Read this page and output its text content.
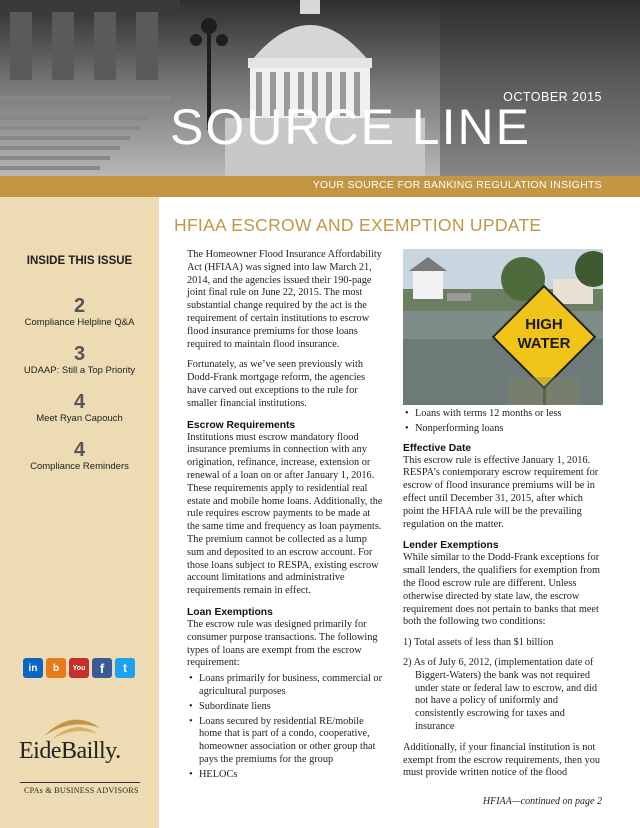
OCTOBER 2015
SOURCE LINE
YOUR SOURCE FOR BANKING REGULATION INSIGHTS
INSIDE THIS ISSUE
2
Compliance Helpline Q&A
3
UDAAP: Still a Top Priority
4
Meet Ryan Capouch
4
Compliance Reminders
in	b	You	f	t
EideBailly.
CPAs & BUSINESS ADVISORS
HFIAA ESCROW AND EXEMPTION UPDATE

The Homeowner Flood Insurance Affordability Act (HFIAA) was signed into law March 21, 2014, and the agencies issued their 190-page joint final rule on June 22, 2015. The most substantial change required by the act is the requirement of certain institutions to escrow flood insurance premiums for those loans required to maintain flood insurance.

Fortunately, as we’ve seen previously with Dodd-Frank mortgage reform, the agencies have carved out exceptions to the rule for smaller financial institutions.

Escrow Requirements

Institutions must escrow mandatory flood insurance premiums in connection with any origination, refinance, increase, extension or renewal of a loan on or after January 1, 2016. These requirements apply to residential real estate and mobile home loans. Additionally, the rule requires escrow payments to be made at the same time and frequency as loan payments. The premium cannot be collected as a lump sum and deposited to an escrow account. For those loans subject to RESPA, existing escrow account limitations and administrative requirements remain in effect.

Loan Exemptions

The escrow rule was designed primarily for consumer purpose transactions. The following types of loans are exempt from the escrow requirement:

• Loans primarily for business, commercial or agricultural purposes
• Subordinate liens
• Loans secured by residential RE/mobile home that is part of a condo, cooperative, homeowner association or other group that pays the premiums for the group
• HELOCs
HIGH
WATER
• Loans with terms 12 months or less
• Nonperforming loans
Effective Date

This escrow rule is effective January 1, 2016. RESPA’s contemporary escrow requirement for escrow of flood insurance premiums will be in effect until December 31, 2015, after which point the HFIAA rule will be the prevailing regulation on the matter.

Lender Exemptions

While similar to the Dodd-Frank exceptions for small lenders, the qualifiers for exemption from the flood escrow rule are different. Unless otherwise directed by state law, the escrow requirement does not pertain to banks that meet both the following two conditions:

1) Total assets of less than $1 billion
2) As of July 6, 2012, (implementation date of Biggert-Waters) the bank was not required under state or federal law to escrow, and did not have a policy of uniformly and consistently escrowing for taxes and insurance

Additionally, if your financial institution is not exempt from the escrow requirements, then you must provide written notice of the flood

HFIAA—continued on page 2
